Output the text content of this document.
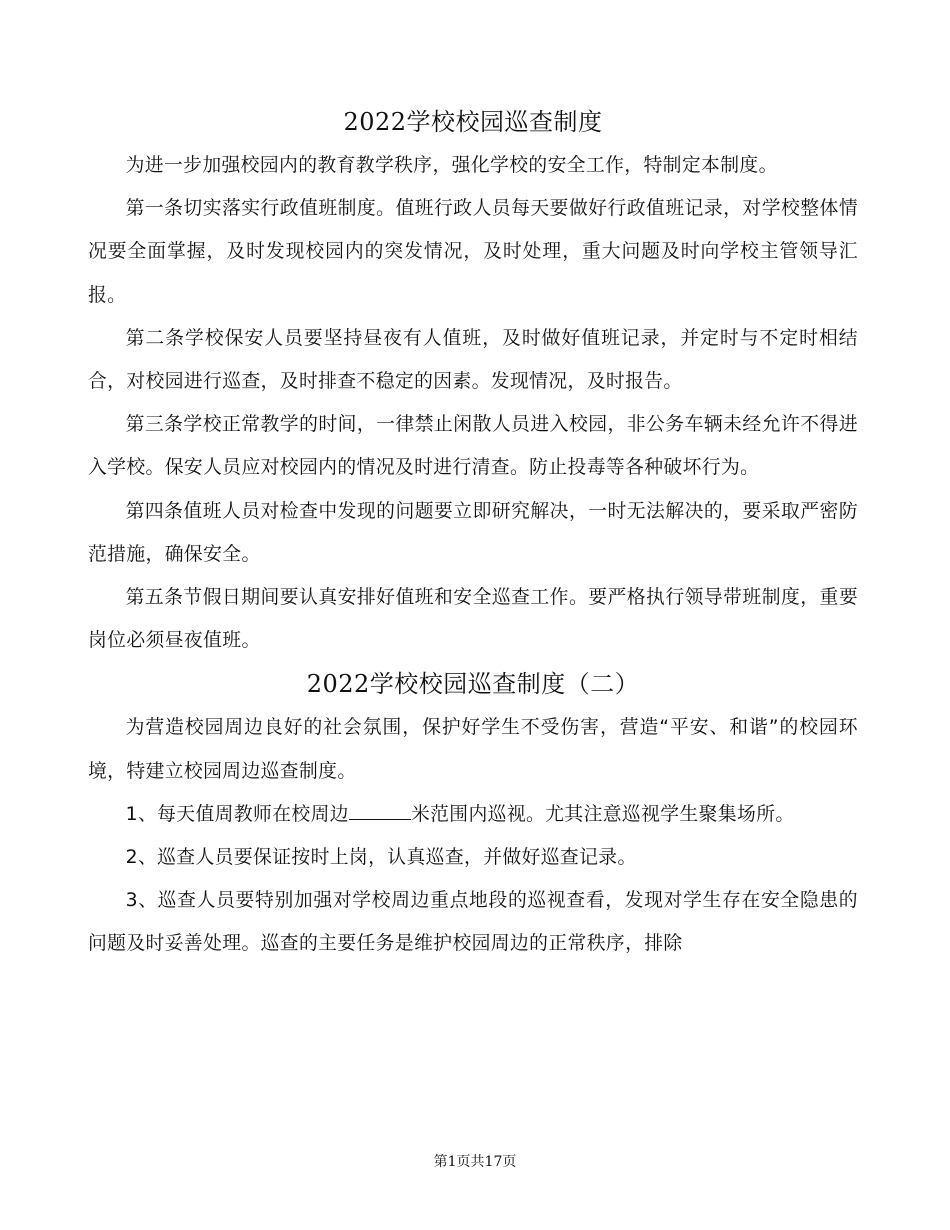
2022学校校园巡查制度

为进一步加强校园内的教育教学秩序，强化学校的安全工作，特制定本制度。

第一条切实落实行政值班制度。值班行政人员每天要做好行政值班记录，对学校整体情况要全面掌握，及时发现校园内的突发情况，及时处理，重大问题及时向学校主管领导汇报。

第二条学校保安人员要坚持昼夜有人值班，及时做好值班记录，并定时与不定时相结合，对校园进行巡查，及时排查不稳定的因素。发现情况，及时报告。

第三条学校正常教学的时间，一律禁止闲散人员进入校园，非公务车辆未经允许不得进入学校。保安人员应对校园内的情况及时进行清查。防止投毒等各种破坏行为。

第四条值班人员对检查中发现的问题要立即研究解决，一时无法解决的，要采取严密防范措施，确保安全。

第五条节假日期间要认真安排好值班和安全巡查工作。要严格执行领导带班制度，重要岗位必须昼夜值班。

2022学校校园巡查制度（二）

为营造校园周边良好的社会氛围，保护好学生不受伤害，营造“平安、和谐”的校园环境，特建立校园周边巡查制度。

1、每天值周教师在校周边	米范围内巡视。尤其注意巡视学生聚集场所。

2、巡查人员要保证按时上岗，认真巡查，并做好巡查记录。

3、巡查人员要特别加强对学校周边重点地段的巡视查看，发现对学生存在安全隐患的问题及时妥善处理。巡查的主要任务是维护校园周边的正常秩序，排除

第1页共17页
